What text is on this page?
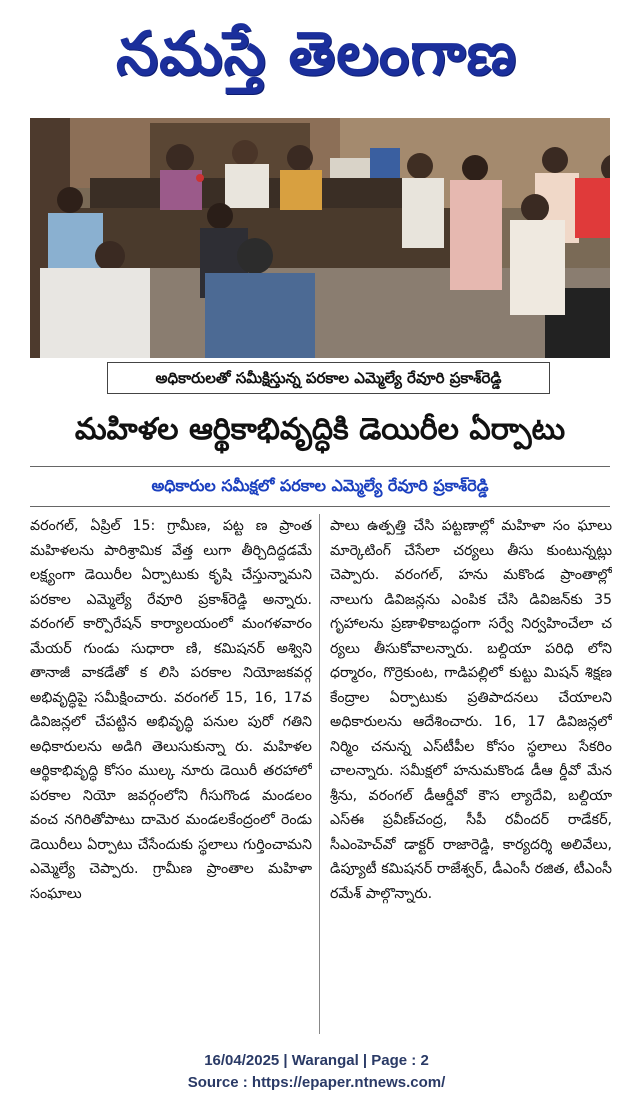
నమస్తే తెలంగాణ
అధికారులతో సమీక్షిస్తున్న పరకాల ఎమ్మెల్యే రేవూరి ప్రకాశ్‌రెడ్డి
మహిళల ఆర్థికాభివృద్ధికి డెయిరీల ఏర్పాటు
అధికారుల సమీక్షలో పరకాల ఎమ్మెల్యే రేవూరి ప్రకాశ్‌రెడ్డి
వరంగల్‌, ఏప్రిల్‌ 15: గ్రామీణ, పట్ట ణ ప్రాంత మహిళలను పారిశ్రామిక వేత్త లుగా తీర్చిదిద్దడమే లక్ష్యంగా డెయిరీల ఏర్పాటుకు కృషి చేస్తున్నామని పరకాల ఎమ్మెల్యే రేవూరి ప్రకాశ్‌రెడ్డి అన్నారు. వరంగల్‌ కార్పొరేషన్‌ కార్యాలయంలో మంగళవారం మేయర్‌ గుండు సుధారా ణి, కమిషనర్‌ అశ్విని తానాజీ వాకడేతో క లిసి పరకాల నియోజకవర్గ అభివృద్ధిపై సమీక్షించారు. వరంగల్‌ 15, 16, 17వ డివిజన్లలో చేపట్టిన అభివృద్ధి పనుల పురో గతిని అధికారులను అడిగి తెలుసుకున్నా రు. మహిళల ఆర్థికాభివృద్ధి కోసం ముల్క నూరు డెయిరీ తరహాలో పరకాల నియో జవర్గంలోని గీసుగొండ మండలం వంచ నగిరితోపాటు దామెర మండలకేంద్రంలో రెండు డెయిరీలు ఏర్పాటు చేసేందుకు స్థలాలు గుర్తించామని ఎమ్మెల్యే చెప్పారు. గ్రామీణ ప్రాంతాల మహిళా సంఘాలు
పాలు ఉత్పత్తి చేసి పట్టణాల్లో మహిళా సం ఘాలు మార్కెటింగ్‌ చేసేలా చర్యలు తీసు కుంటున్నట్లు చెప్పారు. వరంగల్‌, హను మకొండ ప్రాంతాల్లో నాలుగు డివిజన్లను ఎంపిక చేసి డివిజన్‌కు 35 గృహాలను ప్రణాళికాబద్ధంగా సర్వే నిర్వహించేలా చ ర్యలు తీసుకోవాలన్నారు. బల్దియా పరిధి లోని ధర్మారం, గొర్రెకుంట, గాడిపల్లిలో కుట్టు మిషన్‌ శిక్షణ కేంద్రాల ఏర్పాటుకు ప్రతిపాదనలు చేయాలని అధికారులను ఆదేశించారు. 16, 17 డివిజన్లలో నిర్మిం చనున్న ఎస్‌టీపీల కోసం స్థలాలు సేకరిం చాలన్నారు. సమీక్షలో హనుమకొండ డీఆ ర్డీవో మేన శ్రీను, వరంగల్‌ డీఆర్డీవో కౌస ల్యాదేవి, బల్దియా ఎస్‌ఈ ప్రవీణ్‌చంద్ర, సీపీ రవీందర్‌ రాడేకర్‌, సీఎంహెచ్‌వో డాక్టర్‌ రాజారెడ్డి, కార్యదర్శి అలివేలు, డిప్యూటీ కమిషనర్‌ రాజేశ్వర్‌, డీఎంసీ రజిత, టీఎంసీ రమేశ్‌ పాల్గొన్నారు.
16/04/2025 | Warangal | Page : 2
Source : https://epaper.ntnews.com/
